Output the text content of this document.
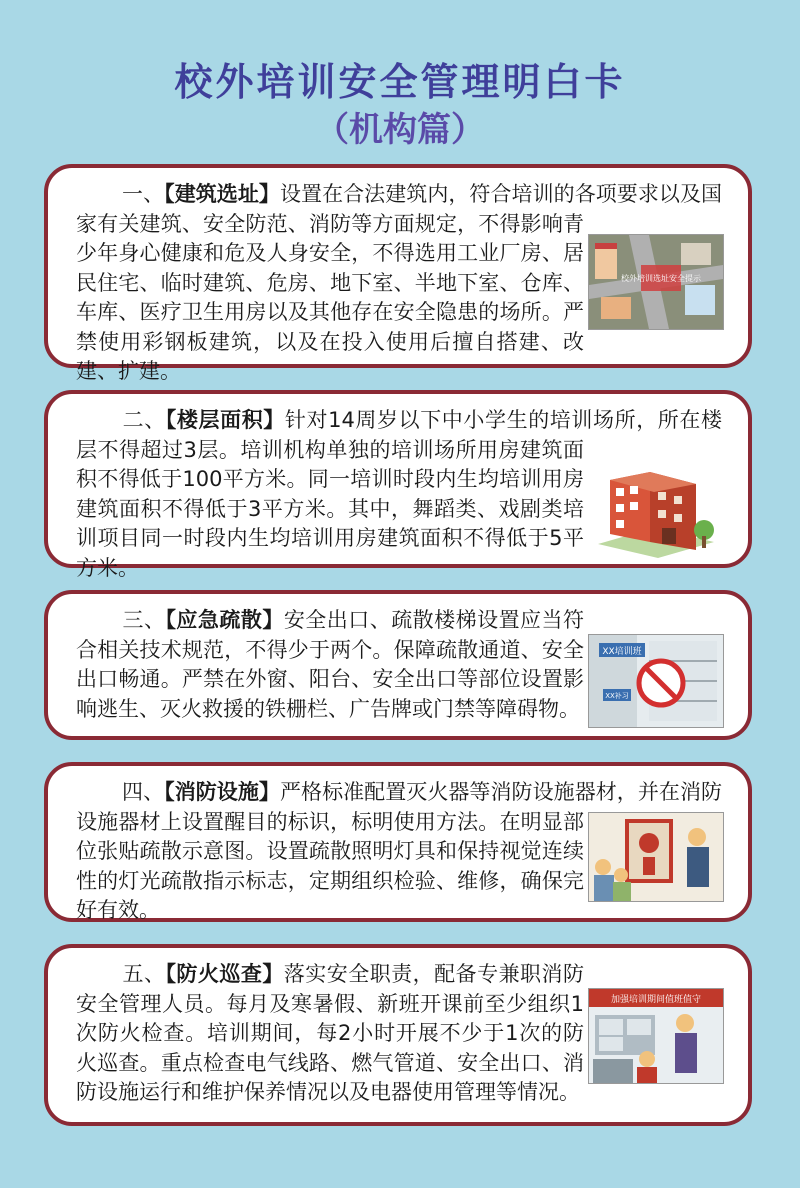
校外培训安全管理明白卡
（机构篇）
校外培训选址安全提示
一、【建筑选址】设置在合法建筑内，符合培训的各项要求以及国家有关建筑、安全防范、消防等方面规定，不得影响青少年身心健康和危及人身安全，不得选用工业厂房、居民住宅、临时建筑、危房、地下室、半地下室、仓库、车库、医疗卫生用房以及其他存在安全隐患的场所。严禁使用彩钢板建筑，以及在投入使用后擅自搭建、改建、扩建。
二、【楼层面积】针对14周岁以下中小学生的培训场所，所在楼层不得超过3层。培训机构单独的培训场所用房建筑面积不得低于100平方米。同一培训时段内生均培训用房建筑面积不得低于3平方米。其中，舞蹈类、戏剧类培训项目同一时段内生均培训用房建筑面积不得低于5平方米。
XX培训班
XX补习
三、【应急疏散】安全出口、疏散楼梯设置应当符合相关技术规范，不得少于两个。保障疏散通道、安全出口畅通。严禁在外窗、阳台、安全出口等部位设置影响逃生、灭火救援的铁栅栏、广告牌或门禁等障碍物。
四、【消防设施】严格标准配置灭火器等消防设施器材，并在消防设施器材上设置醒目的标识，标明使用方法。在明显部位张贴疏散示意图。设置疏散照明灯具和保持视觉连续性的灯光疏散指示标志，定期组织检验、维修，确保完好有效。
加强培训期间值班值守
五、【防火巡查】落实安全职责，配备专兼职消防安全管理人员。每月及寒暑假、新班开课前至少组织1次防火检查。培训期间，每2小时开展不少于1次的防火巡查。重点检查电气线路、燃气管道、安全出口、消防设施运行和维护保养情况以及电器使用管理等情况。
